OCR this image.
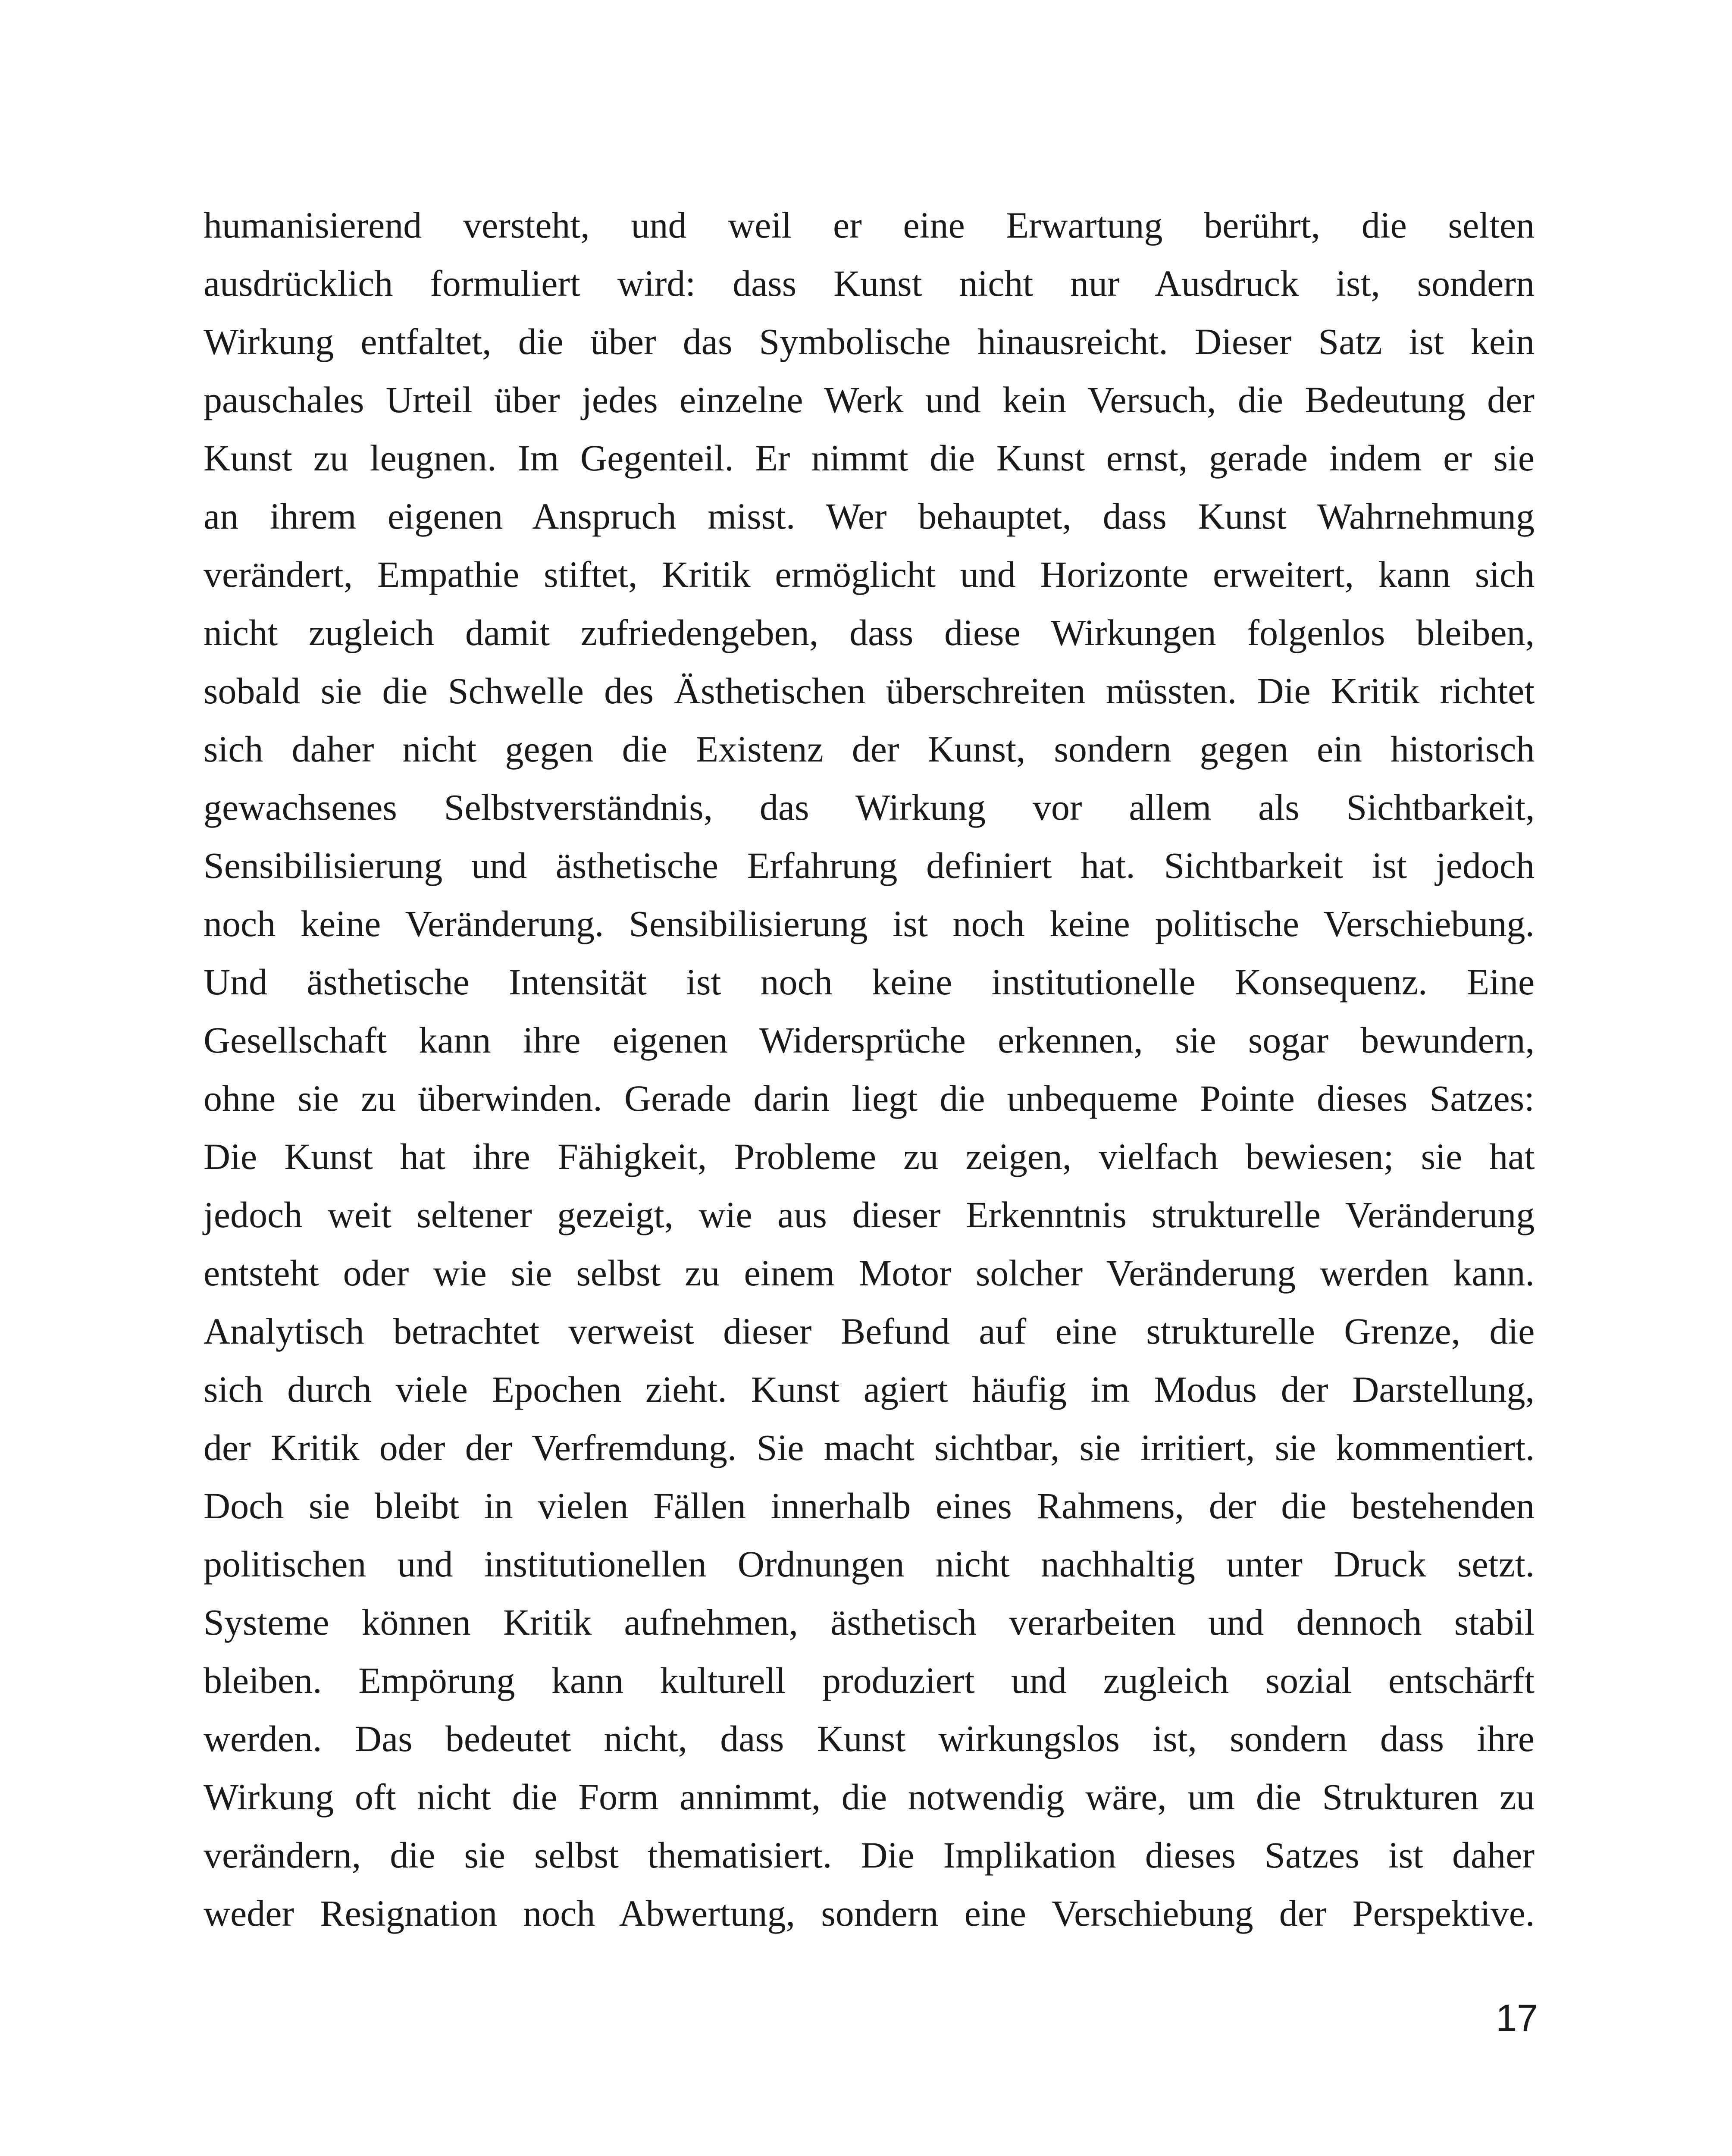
humanisierend versteht, und weil er eine Erwartung berührt, die selten
ausdrücklich formuliert wird: dass Kunst nicht nur Ausdruck ist, sondern
Wirkung entfaltet, die über das Symbolische hinausreicht. Dieser Satz ist kein
pauschales Urteil über jedes einzelne Werk und kein Versuch, die Bedeutung der
Kunst zu leugnen. Im Gegenteil. Er nimmt die Kunst ernst, gerade indem er sie
an ihrem eigenen Anspruch misst. Wer behauptet, dass Kunst Wahrnehmung
verändert, Empathie stiftet, Kritik ermöglicht und Horizonte erweitert, kann sich
nicht zugleich damit zufriedengeben, dass diese Wirkungen folgenlos bleiben,
sobald sie die Schwelle des Ästhetischen überschreiten müssten. Die Kritik richtet
sich daher nicht gegen die Existenz der Kunst, sondern gegen ein historisch
gewachsenes Selbstverständnis, das Wirkung vor allem als Sichtbarkeit,
Sensibilisierung und ästhetische Erfahrung definiert hat. Sichtbarkeit ist jedoch
noch keine Veränderung. Sensibilisierung ist noch keine politische Verschiebung.
Und ästhetische Intensität ist noch keine institutionelle Konsequenz. Eine
Gesellschaft kann ihre eigenen Widersprüche erkennen, sie sogar bewundern,
ohne sie zu überwinden. Gerade darin liegt die unbequeme Pointe dieses Satzes:
Die Kunst hat ihre Fähigkeit, Probleme zu zeigen, vielfach bewiesen; sie hat
jedoch weit seltener gezeigt, wie aus dieser Erkenntnis strukturelle Veränderung
entsteht oder wie sie selbst zu einem Motor solcher Veränderung werden kann.
Analytisch betrachtet verweist dieser Befund auf eine strukturelle Grenze, die
sich durch viele Epochen zieht. Kunst agiert häufig im Modus der Darstellung,
der Kritik oder der Verfremdung. Sie macht sichtbar, sie irritiert, sie kommentiert.
Doch sie bleibt in vielen Fällen innerhalb eines Rahmens, der die bestehenden
politischen und institutionellen Ordnungen nicht nachhaltig unter Druck setzt.
Systeme können Kritik aufnehmen, ästhetisch verarbeiten und dennoch stabil
bleiben. Empörung kann kulturell produziert und zugleich sozial entschärft
werden. Das bedeutet nicht, dass Kunst wirkungslos ist, sondern dass ihre
Wirkung oft nicht die Form annimmt, die notwendig wäre, um die Strukturen zu
verändern, die sie selbst thematisiert. Die Implikation dieses Satzes ist daher
weder Resignation noch Abwertung, sondern eine Verschiebung der Perspektive.
17
